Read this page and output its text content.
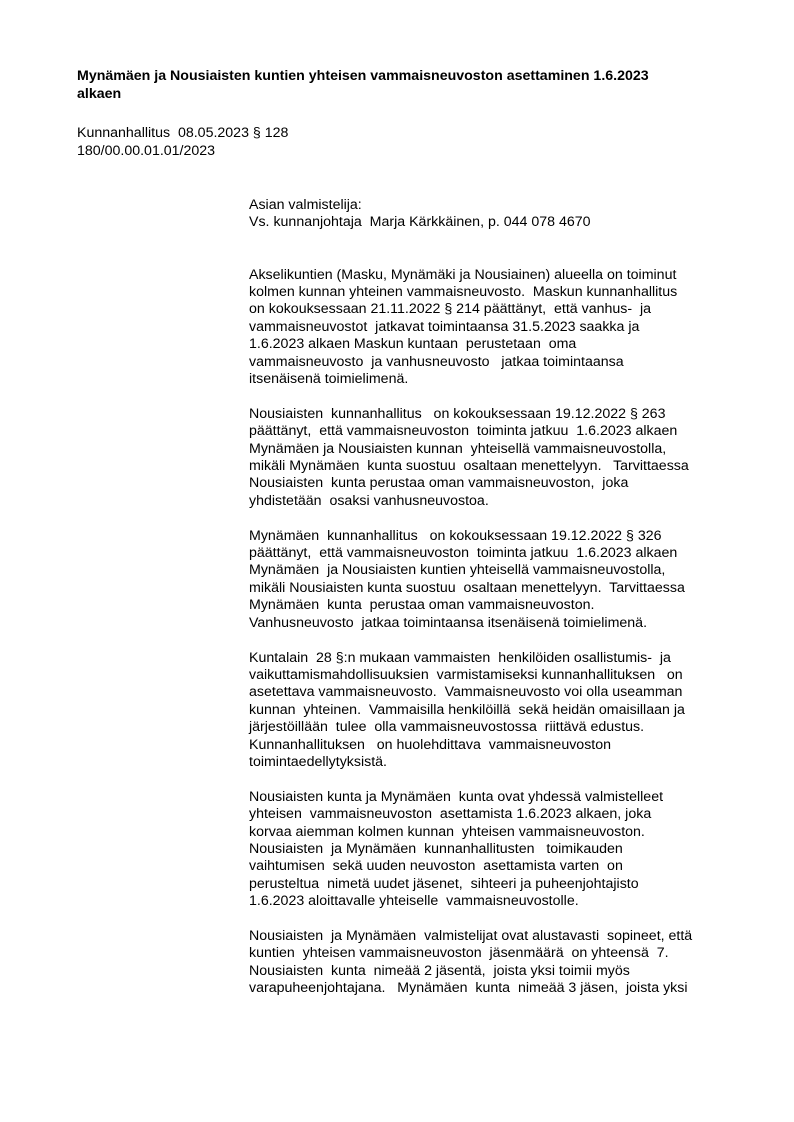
Mynämäen ja Nousiaisten kuntien yhteisen vammaisneuvoston asettaminen 1.6.2023
alkaen
Kunnanhallitus  08.05.2023 § 128
180/00.00.01.01/2023
Asian valmistelija:
Vs. kunnanjohtaja  Marja Kärkkäinen, p. 044 078 4670
Akselikuntien (Masku, Mynämäki ja Nousiainen) alueella on toiminut
kolmen kunnan yhteinen vammaisneuvosto.  Maskun kunnanhallitus
on kokouksessaan 21.11.2022 § 214 päättänyt,  että vanhus-  ja
vammaisneuvostot  jatkavat toimintaansa 31.5.2023 saakka ja
1.6.2023 alkaen Maskun kuntaan  perustetaan  oma
vammaisneuvosto  ja vanhusneuvosto   jatkaa toimintaansa
itsenäisenä toimielimenä.
Nousiaisten  kunnanhallitus   on kokouksessaan 19.12.2022 § 263
päättänyt,  että vammaisneuvoston  toiminta jatkuu  1.6.2023 alkaen
Mynämäen ja Nousiaisten kunnan  yhteisellä vammaisneuvostolla,
mikäli Mynämäen  kunta suostuu  osaltaan menettelyyn.   Tarvittaessa
Nousiaisten  kunta perustaa oman vammaisneuvoston,  joka
yhdistetään  osaksi vanhusneuvostoa.
Mynämäen  kunnanhallitus   on kokouksessaan 19.12.2022 § 326
päättänyt,  että vammaisneuvoston  toiminta jatkuu  1.6.2023 alkaen
Mynämäen  ja Nousiaisten kuntien yhteisellä vammaisneuvostolla,
mikäli Nousiaisten kunta suostuu  osaltaan menettelyyn.  Tarvittaessa
Mynämäen  kunta  perustaa oman vammaisneuvoston.
Vanhusneuvosto  jatkaa toimintaansa itsenäisenä toimielimenä.
Kuntalain  28 §:n mukaan vammaisten  henkilöiden osallistumis-  ja
vaikuttamismahdollisuuksien  varmistamiseksi kunnanhallituksen   on
asetettava vammaisneuvosto.  Vammaisneuvosto voi olla useamman
kunnan  yhteinen.  Vammaisilla henkilöillä  sekä heidän omaisillaan ja
järjestöillään  tulee  olla vammaisneuvostossa  riittävä edustus.
Kunnanhallituksen   on huolehdittava  vammaisneuvoston
toimintaedellytyksistä.
Nousiaisten kunta ja Mynämäen  kunta ovat yhdessä valmistelleet
yhteisen  vammaisneuvoston  asettamista 1.6.2023 alkaen, joka
korvaa aiemman kolmen kunnan  yhteisen vammaisneuvoston.
Nousiaisten  ja Mynämäen  kunnanhallitusten   toimikauden
vaihtumisen  sekä uuden neuvoston  asettamista varten  on
perusteltua  nimetä uudet jäsenet,  sihteeri ja puheenjohtajisto
1.6.2023 aloittavalle yhteiselle  vammaisneuvostolle.
Nousiaisten  ja Mynämäen  valmistelijat ovat alustavasti  sopineet, että
kuntien  yhteisen vammaisneuvoston  jäsenmäärä  on yhteensä  7.
Nousiaisten  kunta  nimeää 2 jäsentä,  joista yksi toimii myös
varapuheenjohtajana.   Mynämäen  kunta  nimeää 3 jäsen,  joista yksi
